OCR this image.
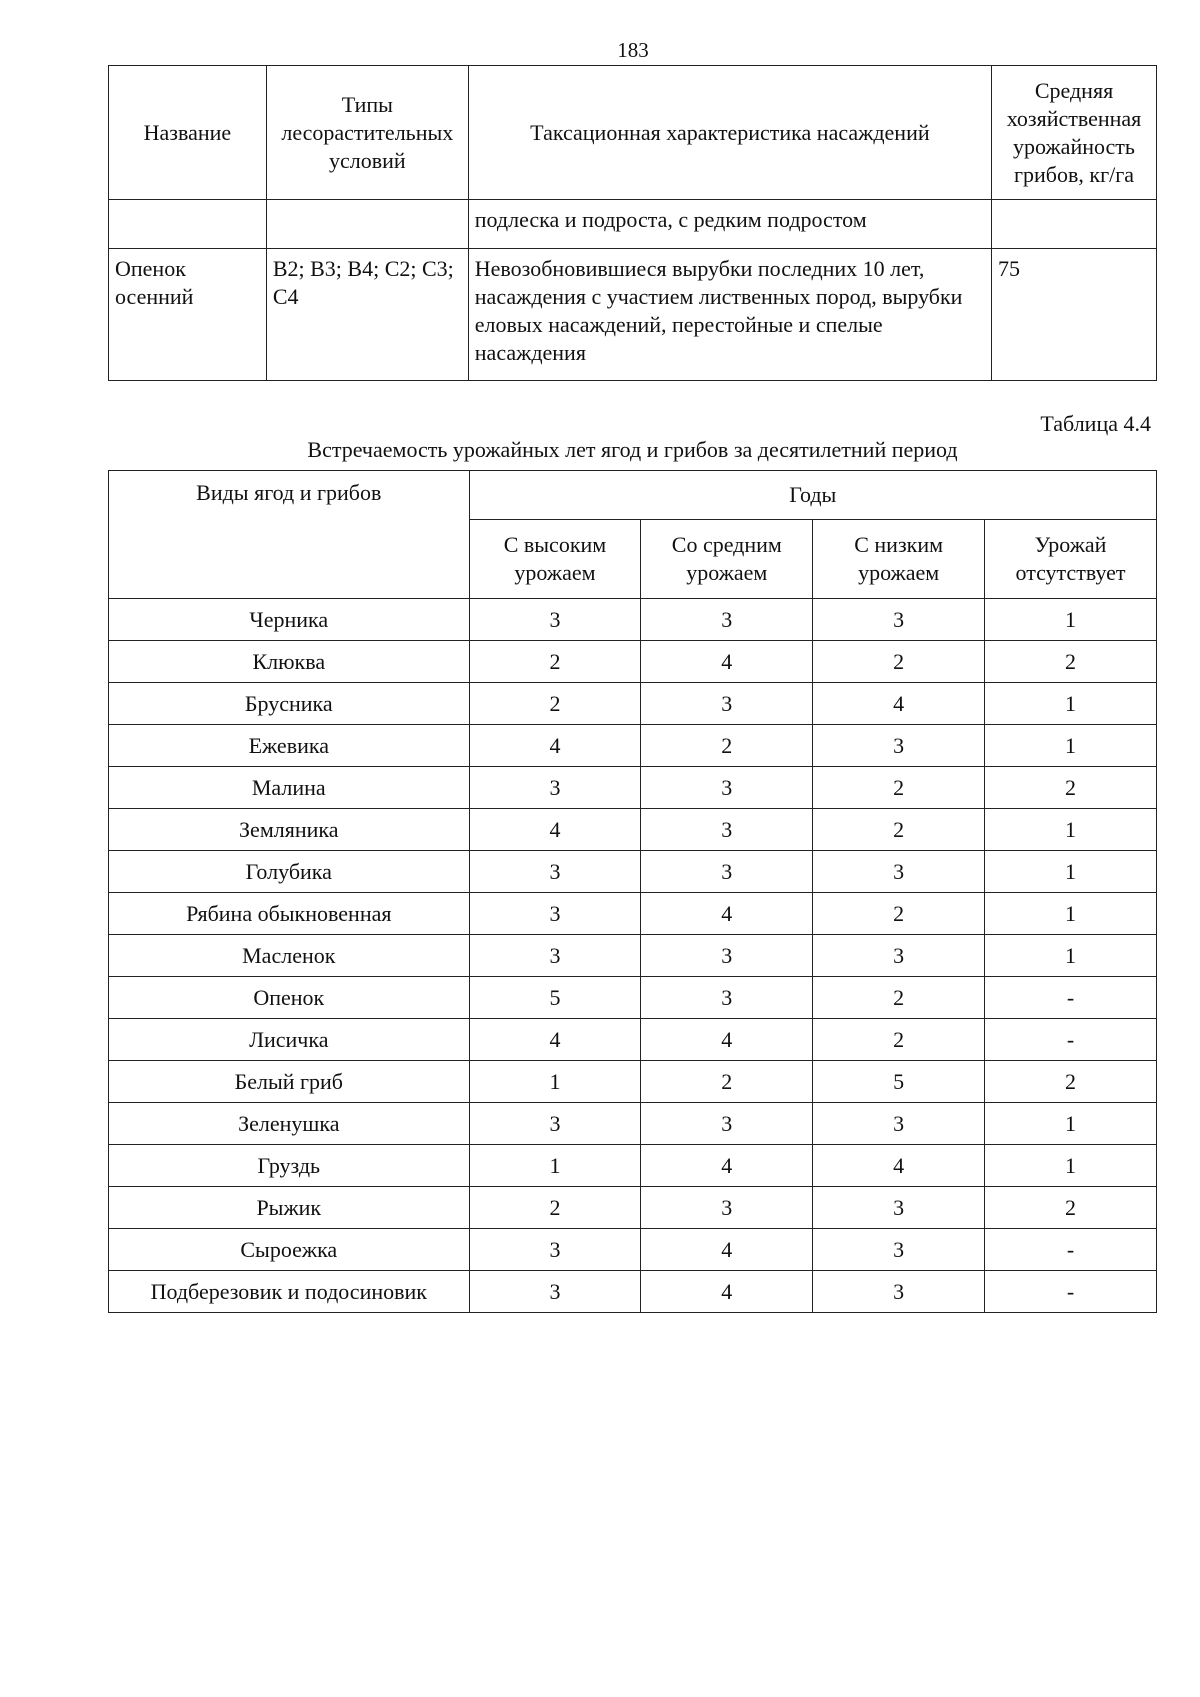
183
Название	Типы лесорастительных условий	Таксационная характеристика насаждений	Средняя хозяйственная урожайность грибов, кг/га
		подлеска и подроста, с редким подростом	
Опенок осенний	B2; B3; B4; C2; C3; C4	Невозобновившиеся вырубки последних 10 лет, насаждения с участием лиственных пород, вырубки еловых насаждений, перестойные и спелые насаждения	75
Таблица 4.4
Встречаемость урожайных лет ягод и грибов за десятилетний период
Виды ягод и грибов	Годы			
	С высоким урожаем	Со средним урожаем	С низким урожаем	Урожай отсутствует
Черника	3	3	3	1
Клюква	2	4	2	2
Брусника	2	3	4	1
Ежевика	4	2	3	1
Малина	3	3	2	2
Земляника	4	3	2	1
Голубика	3	3	3	1
Рябина обыкновенная	3	4	2	1
Масленок	3	3	3	1
Опенок	5	3	2	-
Лисичка	4	4	2	-
Белый гриб	1	2	5	2
Зеленушка	3	3	3	1
Груздь	1	4	4	1
Рыжик	2	3	3	2
Сыроежка	3	4	3	-
Подберезовик и подосиновик	3	4	3	-
